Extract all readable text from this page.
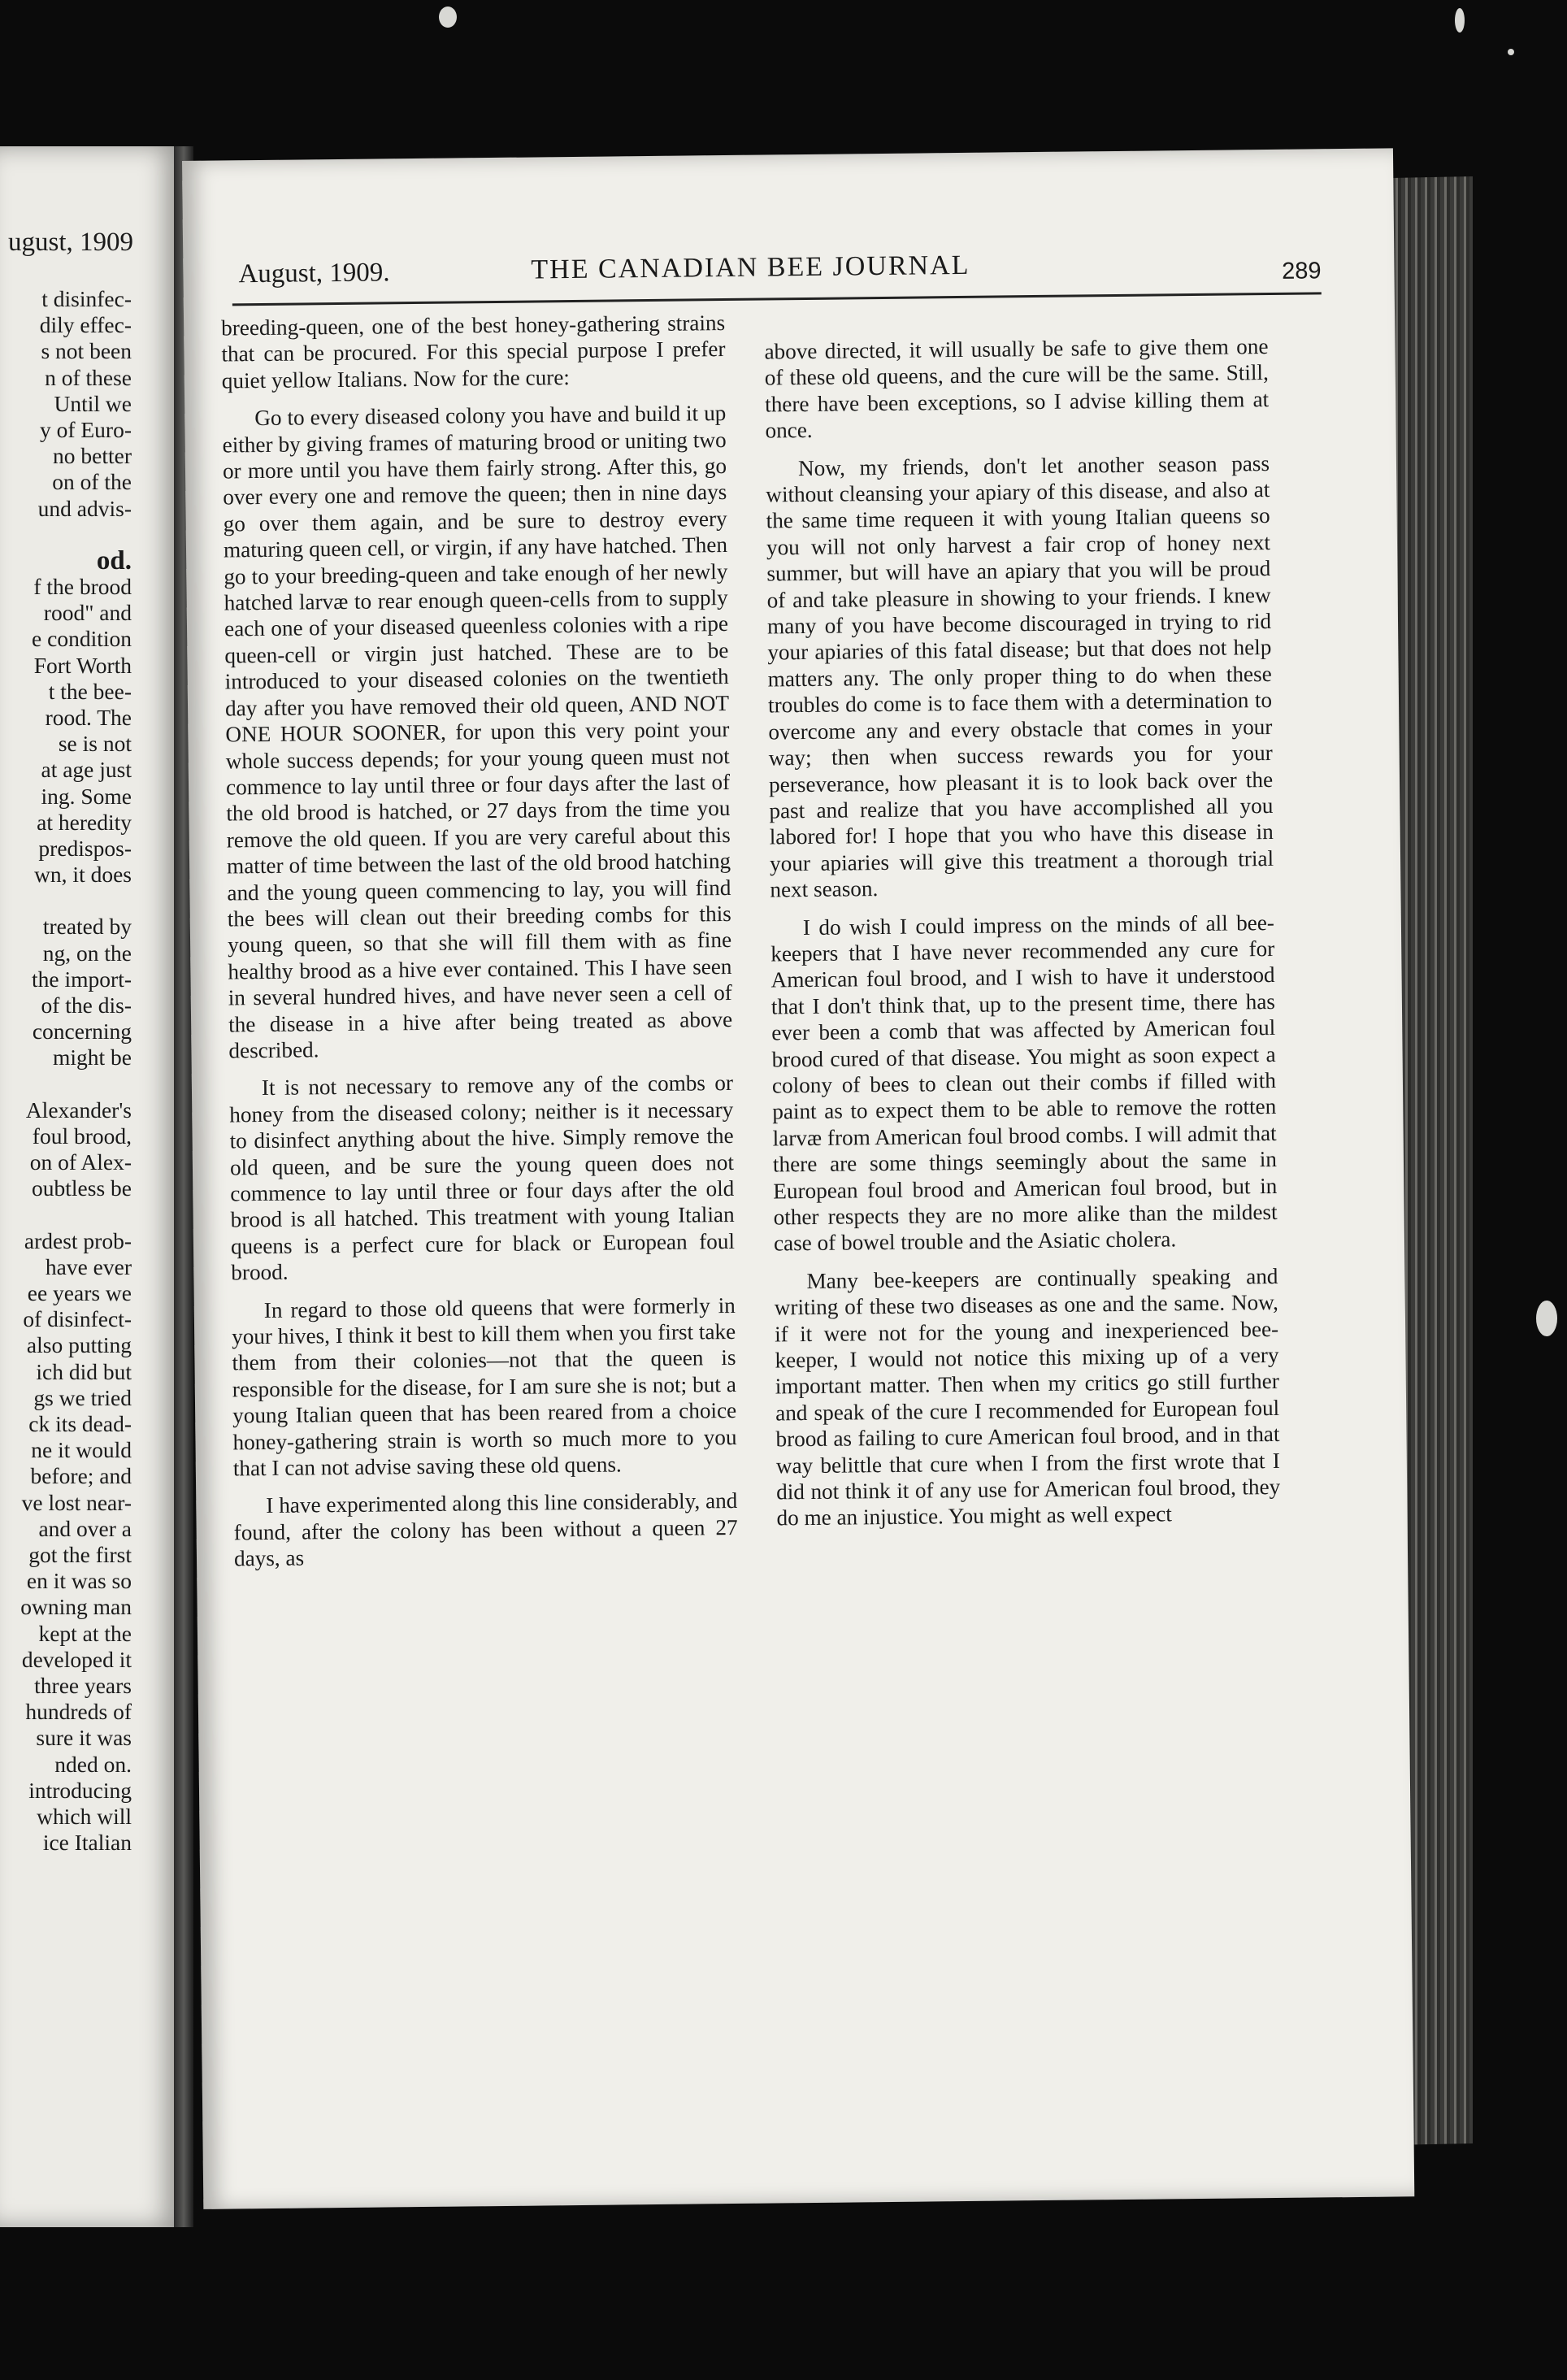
ugust, 1909
t disinfec-
dily effec-
s not been
n of these
Until we
y of Euro-
no better
on of the
und advis-
od.
f the brood
rood" and
e condition
Fort Worth
t the bee-
rood. The
se is not
at age just
ing. Some
at heredity
predispos-
wn, it does
treated by
ng, on the
the import-
of the dis-
concerning
might be
Alexander's
foul brood,
on of Alex-
oubtless be
ardest prob-
have ever
ee years we
of disinfect-
also putting
ich did but
gs we tried
ck its dead-
ne it would
before; and
ve lost near-
and over a
got the first
en it was so
owning man
kept at the
developed it
three years
hundreds of
sure it was
nded on.
introducing
which will
ice Italian
August, 1909.	THE CANADIAN BEE JOURNAL	289

breeding-queen, one of the best honey-gathering strains that can be procured. For this special purpose I prefer quiet yellow Italians. Now for the cure:

Go to every diseased colony you have and build it up either by giving frames of maturing brood or uniting two or more until you have them fairly strong. After this, go over every one and remove the queen; then in nine days go over them again, and be sure to destroy every maturing queen cell, or virgin, if any have hatched. Then go to your breeding-queen and take enough of her newly hatched larvæ to rear enough queen-cells from to supply each one of your diseased queenless colonies with a ripe queen-cell or virgin just hatched. These are to be introduced to your diseased colonies on the twentieth day after you have removed their old queen, AND NOT ONE HOUR SOONER, for upon this very point your whole success depends; for your young queen must not commence to lay until three or four days after the last of the old brood is hatched, or 27 days from the time you remove the old queen. If you are very careful about this matter of time between the last of the old brood hatching and the young queen commencing to lay, you will find the bees will clean out their breeding combs for this young queen, so that she will fill them with as fine healthy brood as a hive ever contained. This I have seen in several hundred hives, and have never seen a cell of the disease in a hive after being treated as above described.

It is not necessary to remove any of the combs or honey from the diseased colony; neither is it necessary to disinfect anything about the hive. Simply remove the old queen, and be sure the young queen does not commence to lay until three or four days after the old brood is all hatched. This treatment with young Italian queens is a perfect cure for black or European foul brood.

In regard to those old queens that were formerly in your hives, I think it best to kill them when you first take them from their colonies—not that the queen is responsible for the disease, for I am sure she is not; but a young Italian queen that has been reared from a choice honey-gathering strain is worth so much more to you that I can not advise saving these old quens.

I have experimented along this line considerably, and found, after the colony has been without a queen 27 days, as

above directed, it will usually be safe to give them one of these old queens, and the cure will be the same. Still, there have been exceptions, so I advise killing them at once.

Now, my friends, don't let another season pass without cleansing your apiary of this disease, and also at the same time requeen it with young Italian queens so you will not only harvest a fair crop of honey next summer, but will have an apiary that you will be proud of and take pleasure in showing to your friends. I knew many of you have become discouraged in trying to rid your apiaries of this fatal disease; but that does not help matters any. The only proper thing to do when these troubles do come is to face them with a determination to overcome any and every obstacle that comes in your way; then when success rewards you for your perseverance, how pleasant it is to look back over the past and realize that you have accomplished all you labored for! I hope that you who have this disease in your apiaries will give this treatment a thorough trial next season.

I do wish I could impress on the minds of all bee-keepers that I have never recommended any cure for American foul brood, and I wish to have it understood that I don't think that, up to the present time, there has ever been a comb that was affected by American foul brood cured of that disease. You might as soon expect a colony of bees to clean out their combs if filled with paint as to expect them to be able to remove the rotten larvæ from American foul brood combs. I will admit that there are some things seemingly about the same in European foul brood and American foul brood, but in other respects they are no more alike than the mildest case of bowel trouble and the Asiatic cholera.

Many bee-keepers are continually speaking and writing of these two diseases as one and the same. Now, if it were not for the young and inexperienced bee-keeper, I would not notice this mixing up of a very important matter. Then when my critics go still further and speak of the cure I recommended for European foul brood as failing to cure American foul brood, and in that way belittle that cure when I from the first wrote that I did not think it of any use for American foul brood, they do me an injustice. You might as well expect
